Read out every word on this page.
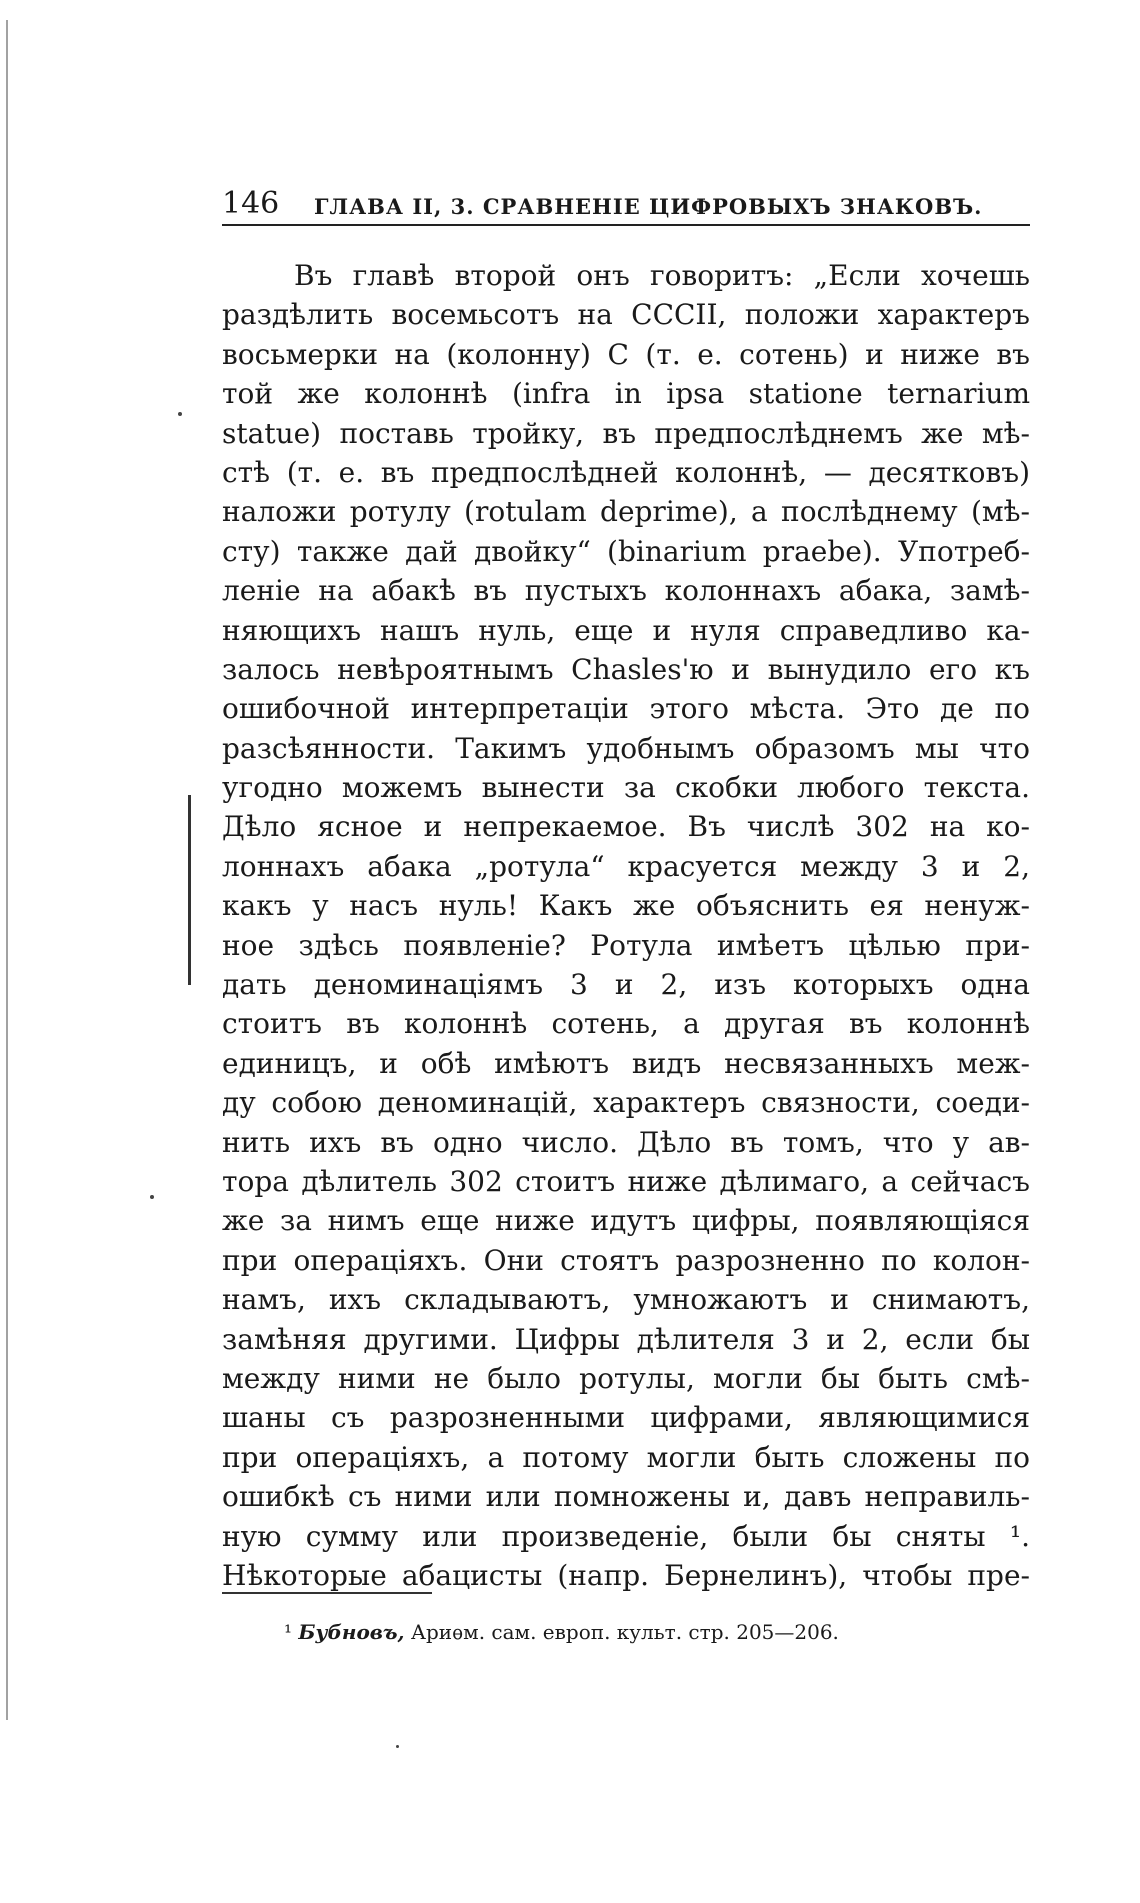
146 ГЛАВА II, 3. СРАВНЕНІЕ ЦИФРОВЫХЪ ЗНАКОВЪ.
Въ главѣ второй онъ говоритъ: „Если хочешь
раздѣлить восемьсотъ на CCCII, положи характеръ
восьмерки на (колонну) C (т. е. сотень) и ниже въ
той же колоннѣ (infra in ipsa statione ternarium
statue) поставь тройку, въ предпослѣднемъ же мѣ-
стѣ (т. е. въ предпослѣдней колоннѣ, — десятковъ)
наложи ротулу (rotulam deprime), а послѣднему (мѣ-
сту) также дай двойку“ (binarium praebe). Употреб-
леніе на абакѣ въ пустыхъ колоннахъ абака, замѣ-
няющихъ нашъ нуль, еще и нуля справедливо ка-
залось невѣроятнымъ Chasles'ю и вынудило его къ
ошибочной интерпретаціи этого мѣста. Это де по
разсѣянности. Такимъ удобнымъ образомъ мы что
угодно можемъ вынести за скобки любого текста.
Дѣло ясное и непрекаемое. Въ числѣ 302 на ко-
лоннахъ абака „ротула“ красуется между 3 и 2,
какъ у насъ нуль! Какъ же объяснить ея ненуж-
ное здѣсь появленіе? Ротула имѣетъ цѣлью при-
дать деноминаціямъ 3 и 2, изъ которыхъ одна
стоитъ въ колоннѣ сотень, а другая въ колоннѣ
единицъ, и обѣ имѣютъ видъ несвязанныхъ меж-
ду собою деноминацій, характеръ связности, соеди-
нить ихъ въ одно число. Дѣло въ томъ, что у ав-
тора дѣлитель 302 стоитъ ниже дѣлимаго, а сейчасъ
же за нимъ еще ниже идутъ цифры, появляющіяся
при операціяхъ. Они стоятъ разрозненно по колон-
намъ, ихъ складываютъ, умножаютъ и снимаютъ,
замѣняя другими. Цифры дѣлителя 3 и 2, если бы
между ними не было ротулы, могли бы быть смѣ-
шаны съ разрозненными цифрами, являющимися
при операціяхъ, а потому могли быть сложены по
ошибкѣ съ ними или помножены и, давъ неправиль-
ную сумму или произведеніе, были бы сняты ¹.
Нѣкоторые абацисты (напр. Бернелинъ), чтобы пре-
¹ Бубновъ, Ариѳм. сам. европ. культ. стр. 205—206.
